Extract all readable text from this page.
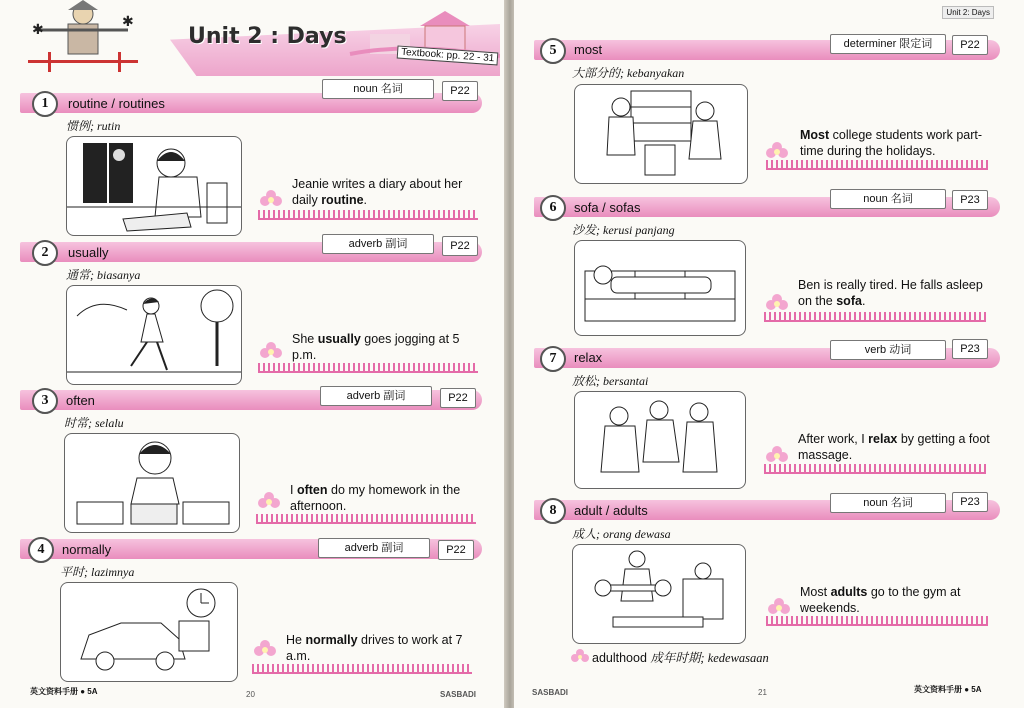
✱	✱
Unit 2 : Days
Textbook: pp. 22 - 31
1	routine / routines
noun 名词	P22
惯例; rutin
Jeanie writes a diary about her daily routine.
2	usually
adverb 副词	P22
通常; biasanya
She usually goes jogging at 5 p.m.
3	often	adverb 副词	P22
时常; selalu
I often do my homework in the afternoon.
4	normally	adverb 副词	P22
平时; lazimnya
He normally drives to work at 7 a.m.
英文资料手册 ● 5A	20	SASBADI
Unit 2: Days
5	most	determiner 限定词	P22
大部分的; kebanyakan
Most college students work part-time during the holidays.
6	sofa / sofas
noun 名词	P23
沙发; kerusi panjang
Ben is really tired. He falls asleep on the sofa.
7	relax	verb 动词	P23
放松; bersantai
After work, I relax by getting a foot massage.
8	adult / adults	noun 名词	P23
成人; orang dewasa
Most adults go to the gym at weekends.
adulthood 成年时期; kedewasaan
SASBADI	21	英文资料手册 ● 5A
